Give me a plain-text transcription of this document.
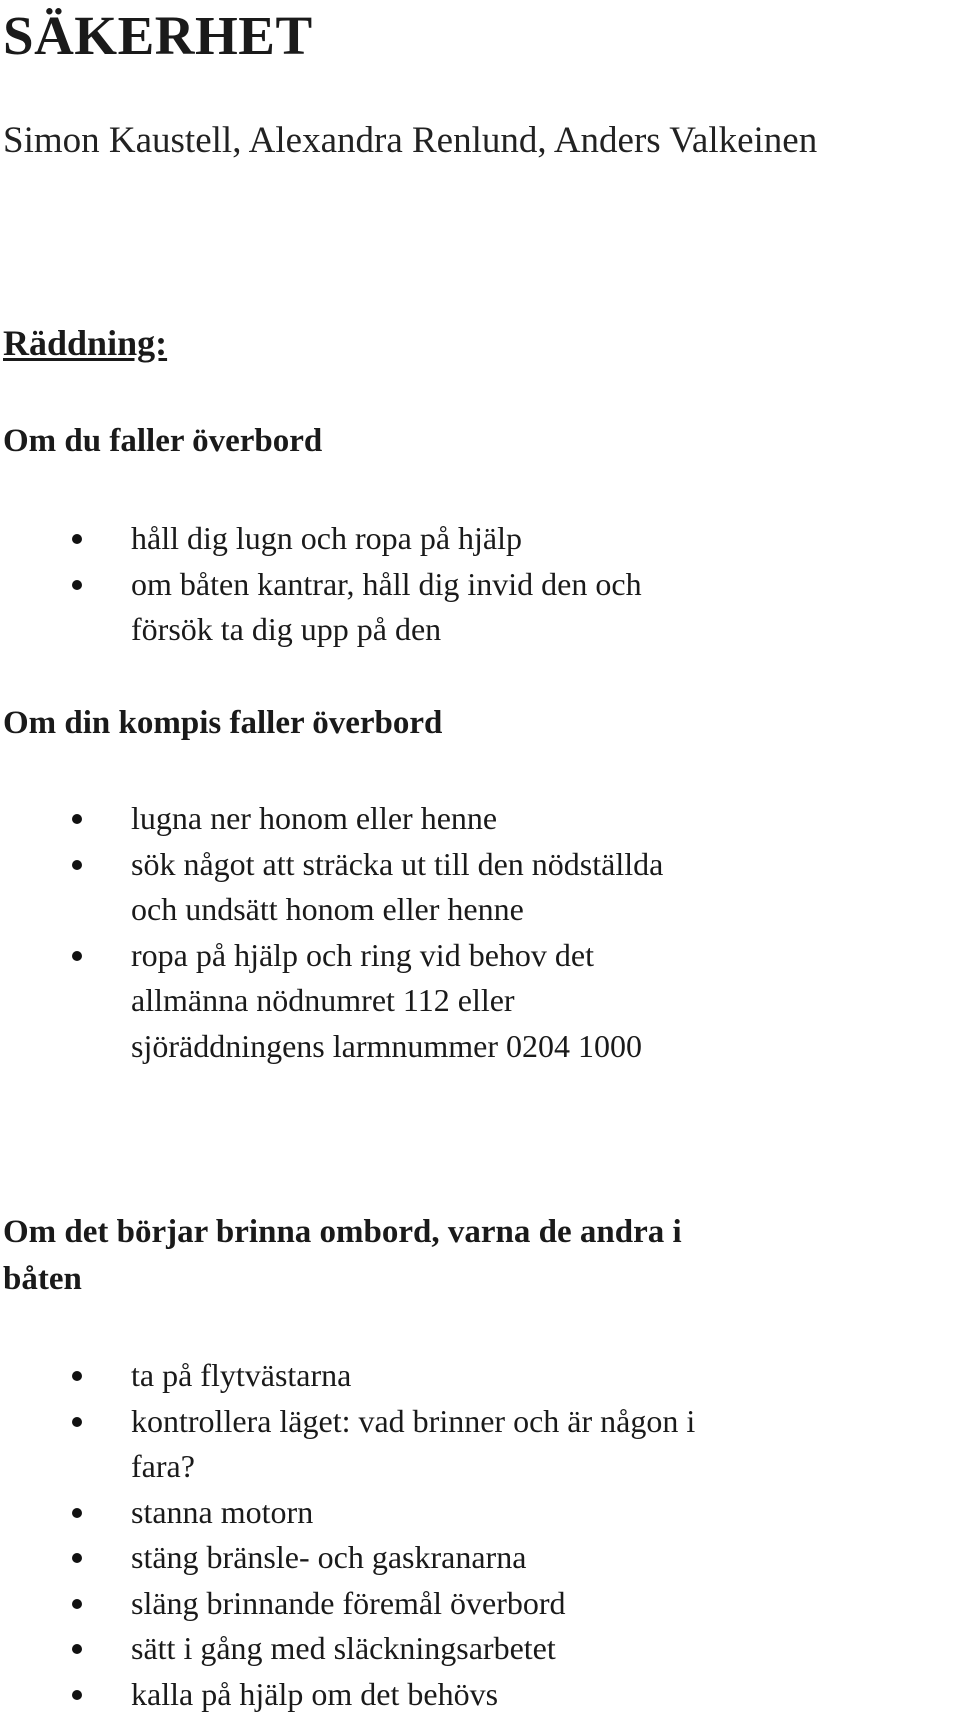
SÄKERHET

Simon Kaustell, Alexandra Renlund, Anders Valkeinen

Räddning:
Om du faller överbord
håll dig lugn och ropa på hjälp
om båten kantrar, håll dig invid den och försök ta dig upp på den
Om din kompis faller överbord
lugna ner honom eller henne
sök något att sträcka ut till den nödställda och undsätt honom eller henne
ropa på hjälp och ring vid behov det allmänna nödnumret 112 eller sjöräddningens larmnummer 0204 1000
Om det börjar brinna ombord, varna de andra i båten
ta på flytvästarna
kontrollera läget: vad brinner och är någon i fara?
stanna motorn
stäng bränsle- och gaskranarna
släng brinnande föremål överbord
sätt i gång med släckningsarbetet
kalla på hjälp om det behövs
